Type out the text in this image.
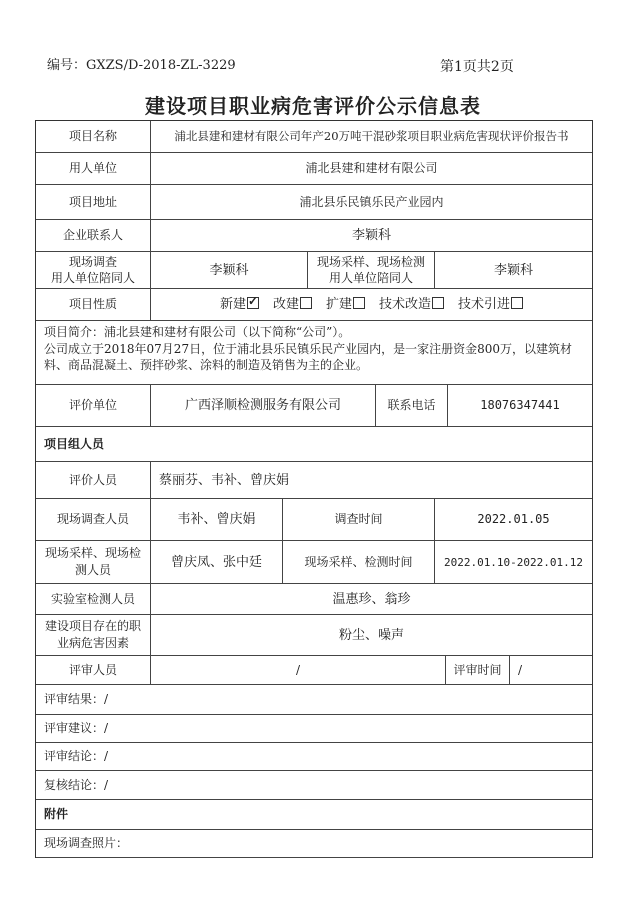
编号：GXZS/D-2018-ZL-3229	第1页共2页
建设项目职业病危害评价公示信息表
项目名称	浦北县建和建材有限公司年产20万吨干混砂浆项目职业病危害现状评价报告书
用人单位	浦北县建和建材有限公司
项目地址	浦北县乐民镇乐民产业园内
企业联系人	李颖科
现场调查
用人单位陪同人
李颖科
现场采样、现场检测
用人单位陪同人
李颖科
项目性质	新建✓	改建	扩建	技术改造	技术引进
项目简介：浦北县建和建材有限公司（以下简称“公司”）。
公司成立于2018年07月27日，位于浦北县乐民镇乐民产业园内，是一家注册资金800万，以建筑材料、商品混凝土、预拌砂浆、涂料的制造及销售为主的企业。
评价单位	广西泽顺检测服务有限公司	联系电话	18076347441
项目组人员
评价人员	蔡丽芬、韦补、曾庆娟
现场调查人员	韦补、曾庆娟	调查时间	2022.01.05
现场采样、现场检测人员
曾庆凤、张中廷	现场采样、检测时间	2022.01.10-2022.01.12
实验室检测人员	温惠珍、翁珍
建设项目存在的职业病危害因素
粉尘、噪声
评审人员	/	评审时间	/
评审结果：/
评审建议：/
评审结论：/
复核结论：/
附件
现场调查照片：
